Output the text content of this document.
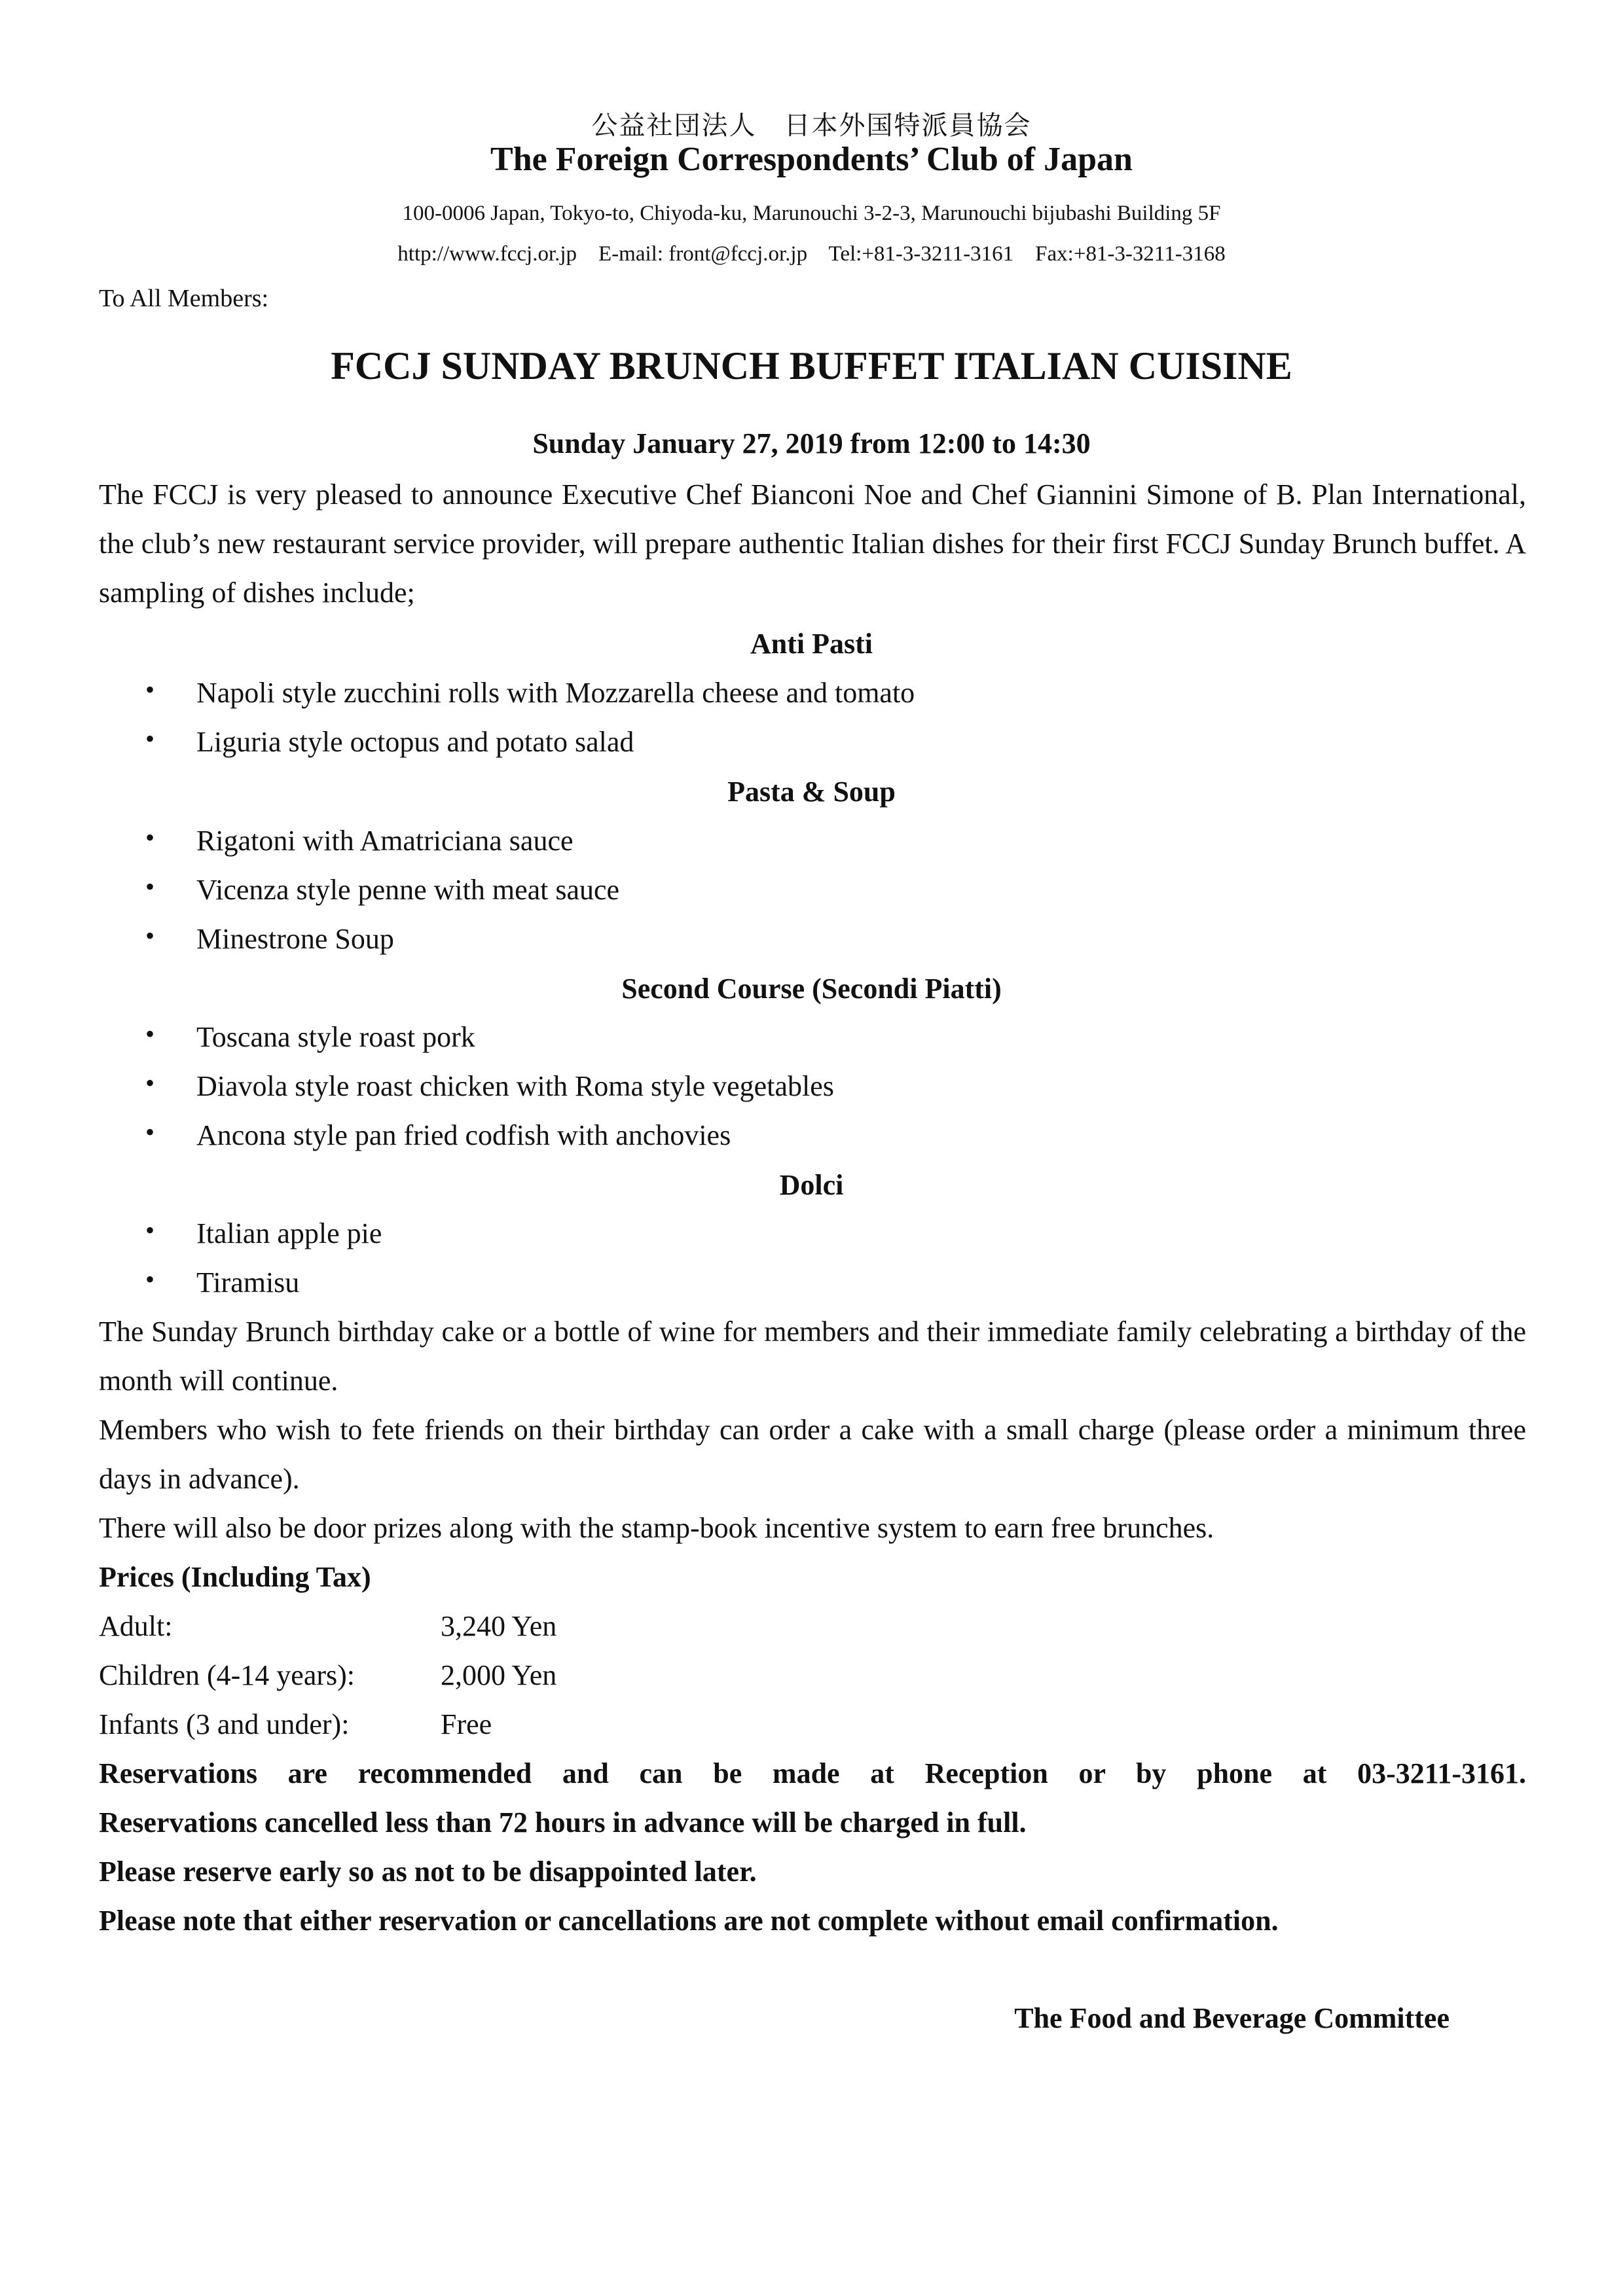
公益社団法人　日本外国特派員協会
The Foreign Correspondents’ Club of Japan
100-0006 Japan, Tokyo-to, Chiyoda-ku, Marunouchi 3-2-3, Marunouchi bijubashi Building 5F
http://www.fccj.or.jp    E-mail: front@fccj.or.jp    Tel:+81-3-3211-3161    Fax:+81-3-3211-3168
To All Members:
FCCJ SUNDAY BRUNCH BUFFET ITALIAN CUISINE
Sunday January 27, 2019 from 12:00 to 14:30
The FCCJ is very pleased to announce Executive Chef Bianconi Noe and Chef Giannini Simone of B. Plan International, the club’s new restaurant service provider, will prepare authentic Italian dishes for their first FCCJ Sunday Brunch buffet. A sampling of dishes include;
Anti Pasti
• Napoli style zucchini rolls with Mozzarella cheese and tomato
• Liguria style octopus and potato salad
Pasta & Soup
• Rigatoni with Amatriciana sauce
• Vicenza style penne with meat sauce
• Minestrone Soup
Second Course (Secondi Piatti)
• Toscana style roast pork
• Diavola style roast chicken with Roma style vegetables
• Ancona style pan fried codfish with anchovies
Dolci
• Italian apple pie
• Tiramisu
The Sunday Brunch birthday cake or a bottle of wine for members and their immediate family celebrating a birthday of the month will continue.
Members who wish to fete friends on their birthday can order a cake with a small charge (please order a minimum three days in advance).
There will also be door prizes along with the stamp-book incentive system to earn free brunches.
Prices (Including Tax)
Adult:	3,240 Yen
Children (4-14 years):	2,000 Yen
Infants (3 and under):	Free
Reservations are recommended and can be made at Reception or by phone at 03-3211-3161.
Reservations cancelled less than 72 hours in advance will be charged in full.
Please reserve early so as not to be disappointed later.
Please note that either reservation or cancellations are not complete without email confirmation.
The Food and Beverage Committee
